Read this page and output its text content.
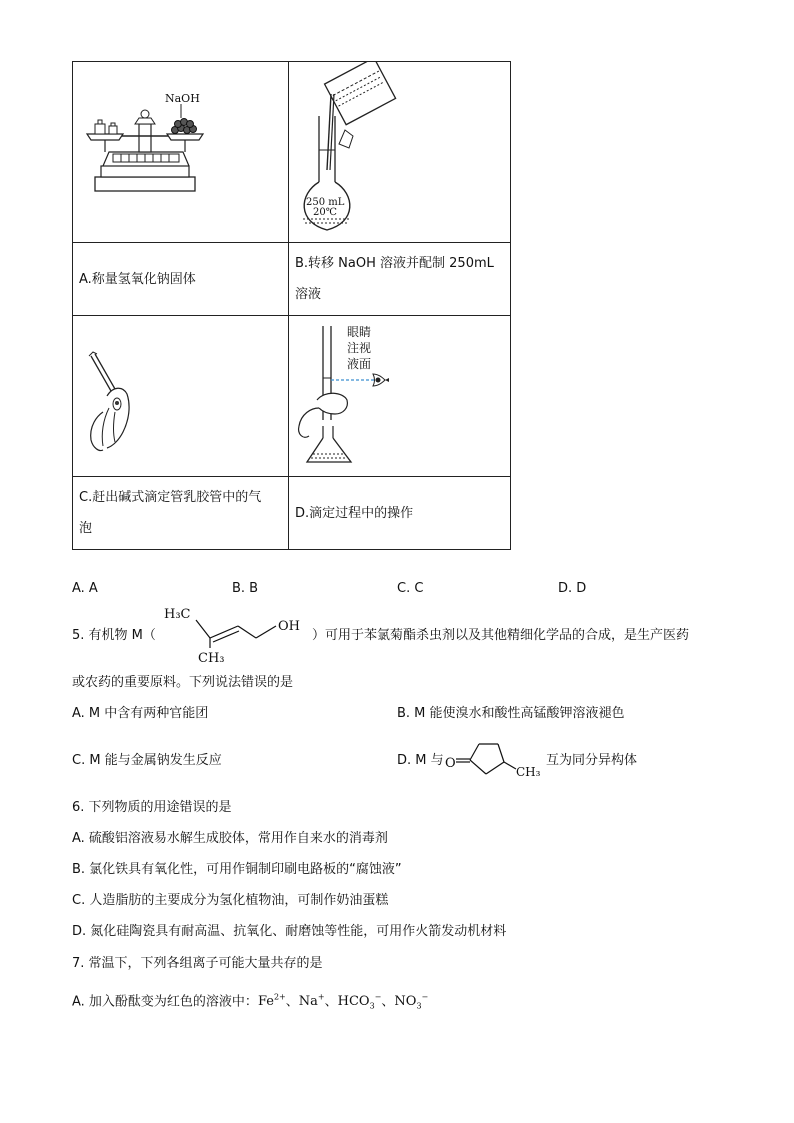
NaOH	250 mL
20℃

A.称量氢氧化钠固体	B.转移 NaOH 溶液并配制 250mL
溶液

眼睛
注视
液面

C.赶出碱式滴定管乳胶管中的气
泡	D.滴定过程中的操作
A. A	B. B	C. C	D. D
5. 有机物 M（
H₃C
OH
CH₃
）可用于苯氯菊酯杀虫剂以及其他精细化学品的合成，是生产医药
或农药的重要原料。下列说法错误的是
A. M 中含有两种官能团	B. M 能使溴水和酸性高锰酸钾溶液褪色
C. M 能与金属钠发生反应	D. M 与 O
CH₃
互为同分异构体
6. 下列物质的用途错误的是
A. 硫酸铝溶液易水解生成胶体，常用作自来水的消毒剂
B. 氯化铁具有氧化性，可用作铜制印刷电路板的“腐蚀液”
C. 人造脂肪的主要成分为氢化植物油，可制作奶油蛋糕
D. 氮化硅陶瓷具有耐高温、抗氧化、耐磨蚀等性能，可用作火箭发动机材料
7. 常温下，下列各组离子可能大量共存的是
A. 加入酚酞变为红色的溶液中：$Fe^{2+}$、Na+、$HCO_3^-$、$NO_3^-$
